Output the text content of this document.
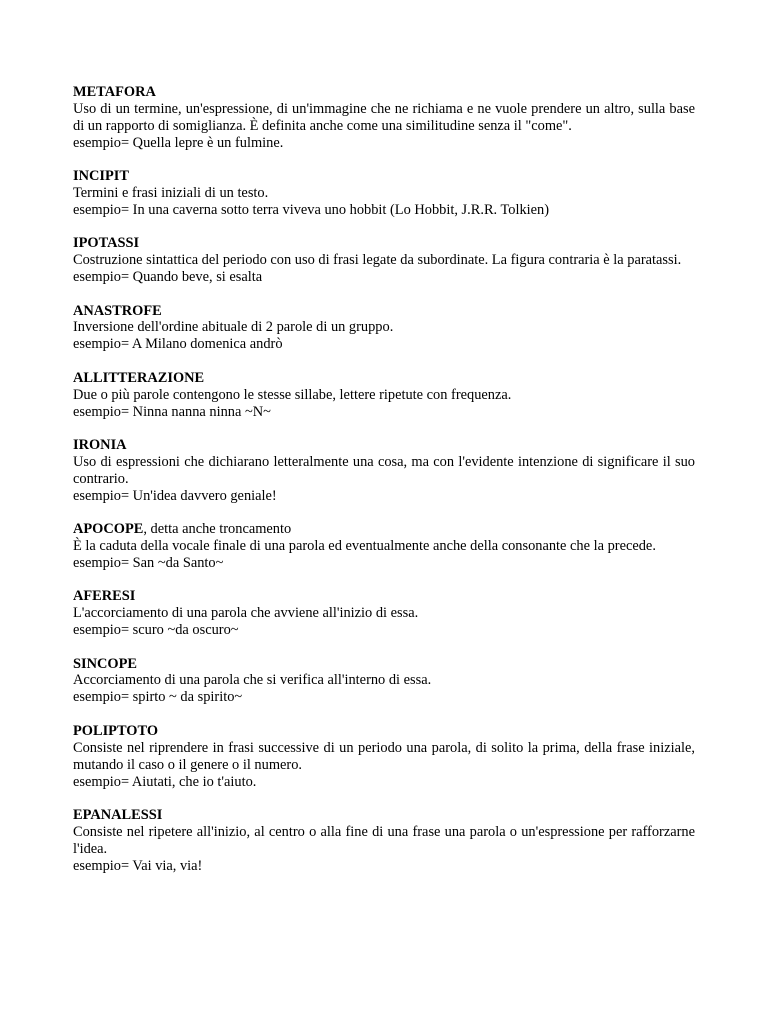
METAFORA

Uso di un termine, un'espressione, di un'immagine che ne richiama e ne vuole prendere un altro, sulla base di un rapporto di somiglianza. È definita anche come una similitudine senza il "come".

esempio= Quella lepre è un fulmine.

INCIPIT

Termini e frasi iniziali di un testo.

esempio= In una caverna sotto terra viveva uno hobbit (Lo Hobbit, J.R.R. Tolkien)

IPOTASSI

Costruzione sintattica del periodo con uso di frasi legate da subordinate. La figura contraria è la paratassi.

esempio= Quando beve, si esalta

ANASTROFE

Inversione dell'ordine abituale di 2 parole di un gruppo.

esempio= A Milano domenica andrò

ALLITTERAZIONE

Due o più parole contengono le stesse sillabe, lettere ripetute con frequenza.

esempio= Ninna nanna ninna ~N~

IRONIA

Uso di espressioni che dichiarano letteralmente una cosa, ma con l'evidente intenzione di significare il suo contrario.

esempio= Un'idea davvero geniale!

APOCOPE, detta anche troncamento

È la caduta della vocale finale di una parola ed eventualmente anche della consonante che la precede.

esempio= San ~da Santo~

AFERESI

L'accorciamento di una parola che avviene all'inizio di essa.

esempio= scuro ~da oscuro~

SINCOPE

Accorciamento di una parola che si verifica all'interno di essa.

esempio= spirto ~ da spirito~

POLIPTOTO

Consiste nel riprendere in frasi successive di un periodo una parola, di solito la prima, della frase iniziale, mutando il caso o il genere o il numero.

esempio= Aiutati, che io t'aiuto.

EPANALESSI

Consiste nel ripetere all'inizio, al centro o alla fine di una frase una parola o un'espressione per rafforzarne l'idea.

esempio= Vai via, via!
